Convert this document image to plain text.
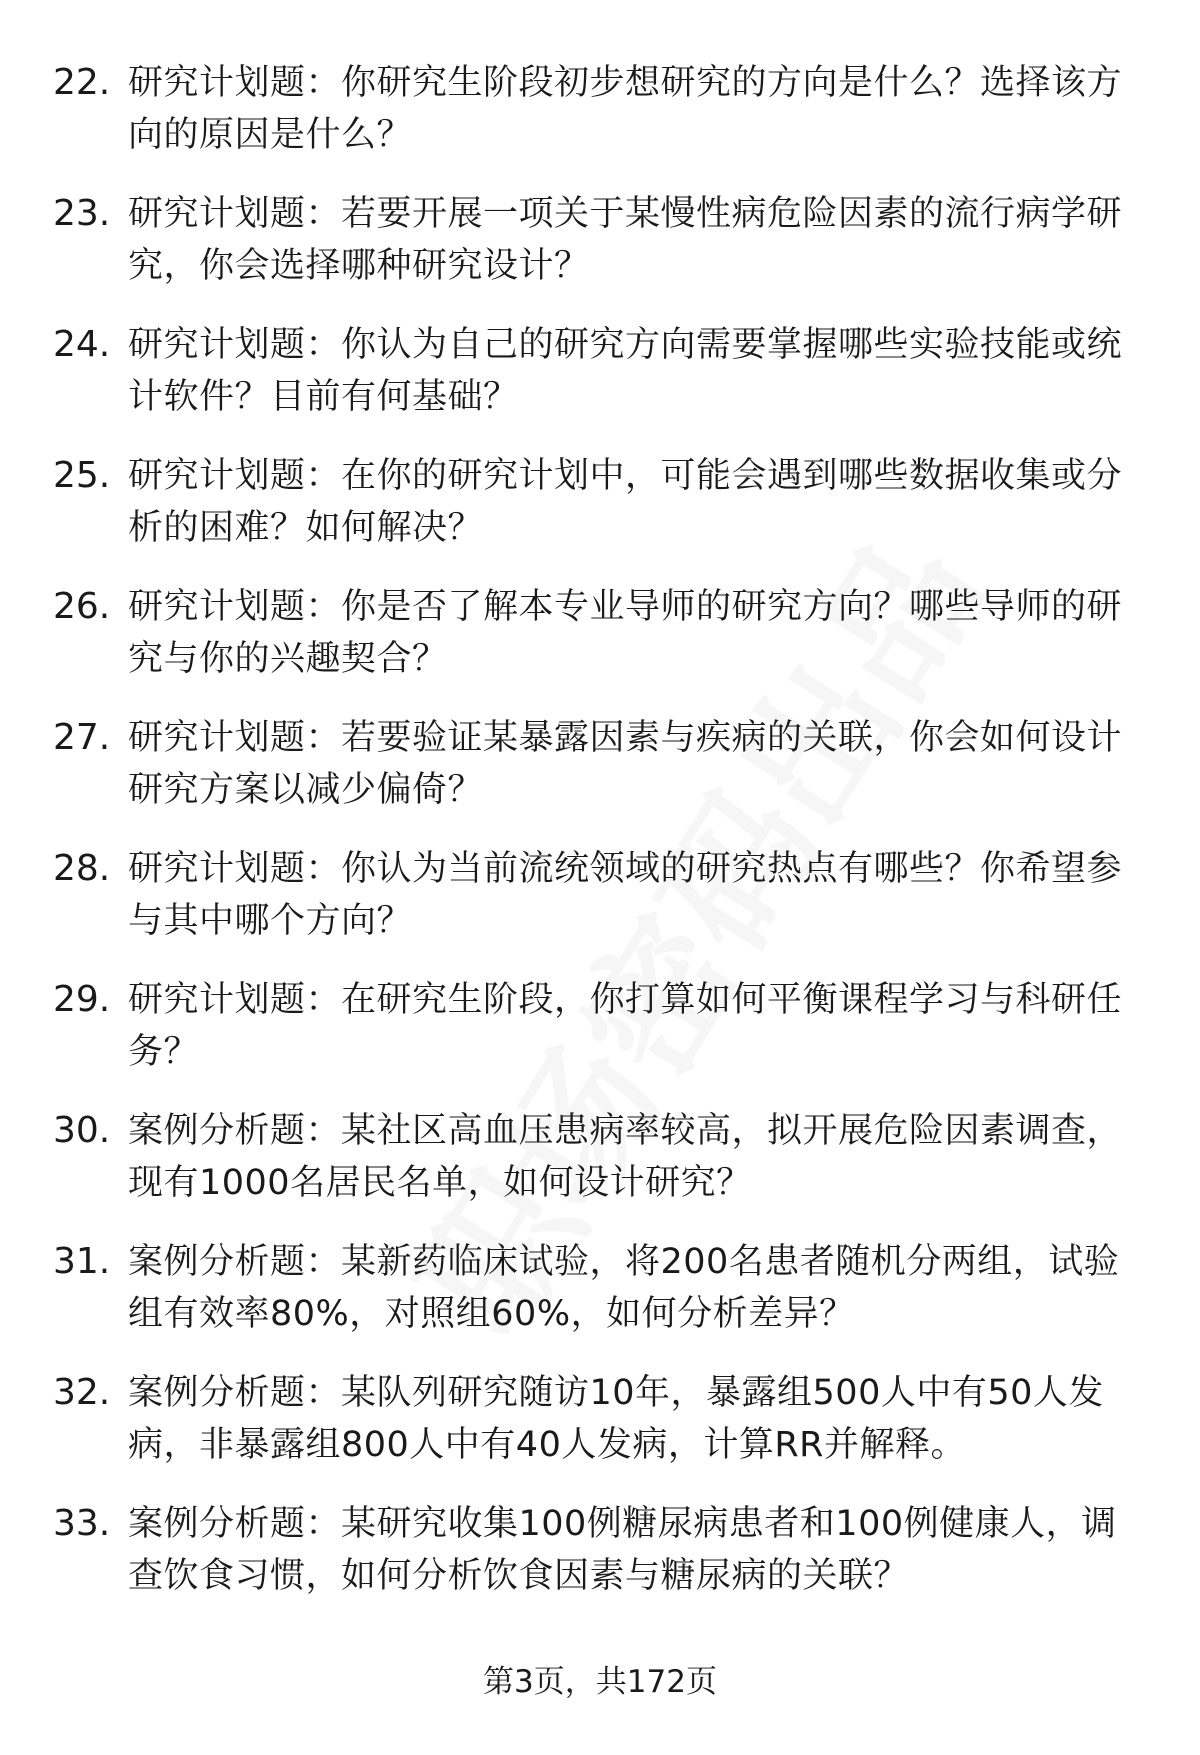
22. 研究计划题：你研究生阶段初步想研究的方向是什么？选择该方向的原因是什么？
23. 研究计划题：若要开展一项关于某慢性病危险因素的流行病学研究，你会选择哪种研究设计？
24. 研究计划题：你认为自己的研究方向需要掌握哪些实验技能或统计软件？目前有何基础？
25. 研究计划题：在你的研究计划中，可能会遇到哪些数据收集或分析的困难？如何解决？
26. 研究计划题：你是否了解本专业导师的研究方向？哪些导师的研究与你的兴趣契合？
27. 研究计划题：若要验证某暴露因素与疾病的关联，你会如何设计研究方案以减少偏倚？
28. 研究计划题：你认为当前流统领域的研究热点有哪些？你希望参与其中哪个方向？
29. 研究计划题：在研究生阶段，你打算如何平衡课程学习与科研任务？
30. 案例分析题：某社区高血压患病率较高，拟开展危险因素调查，现有1000名居民名单，如何设计研究？
31. 案例分析题：某新药临床试验，将200名患者随机分两组，试验组有效率80%，对照组60%，如何分析差异？
32. 案例分析题：某队列研究随访10年，暴露组500人中有50人发病，非暴露组800人中有40人发病，计算RR并解释。
33. 案例分析题：某研究收集100例糖尿病患者和100例健康人，调查饮食习惯，如何分析饮食因素与糖尿病的关联？
第3页，共172页
